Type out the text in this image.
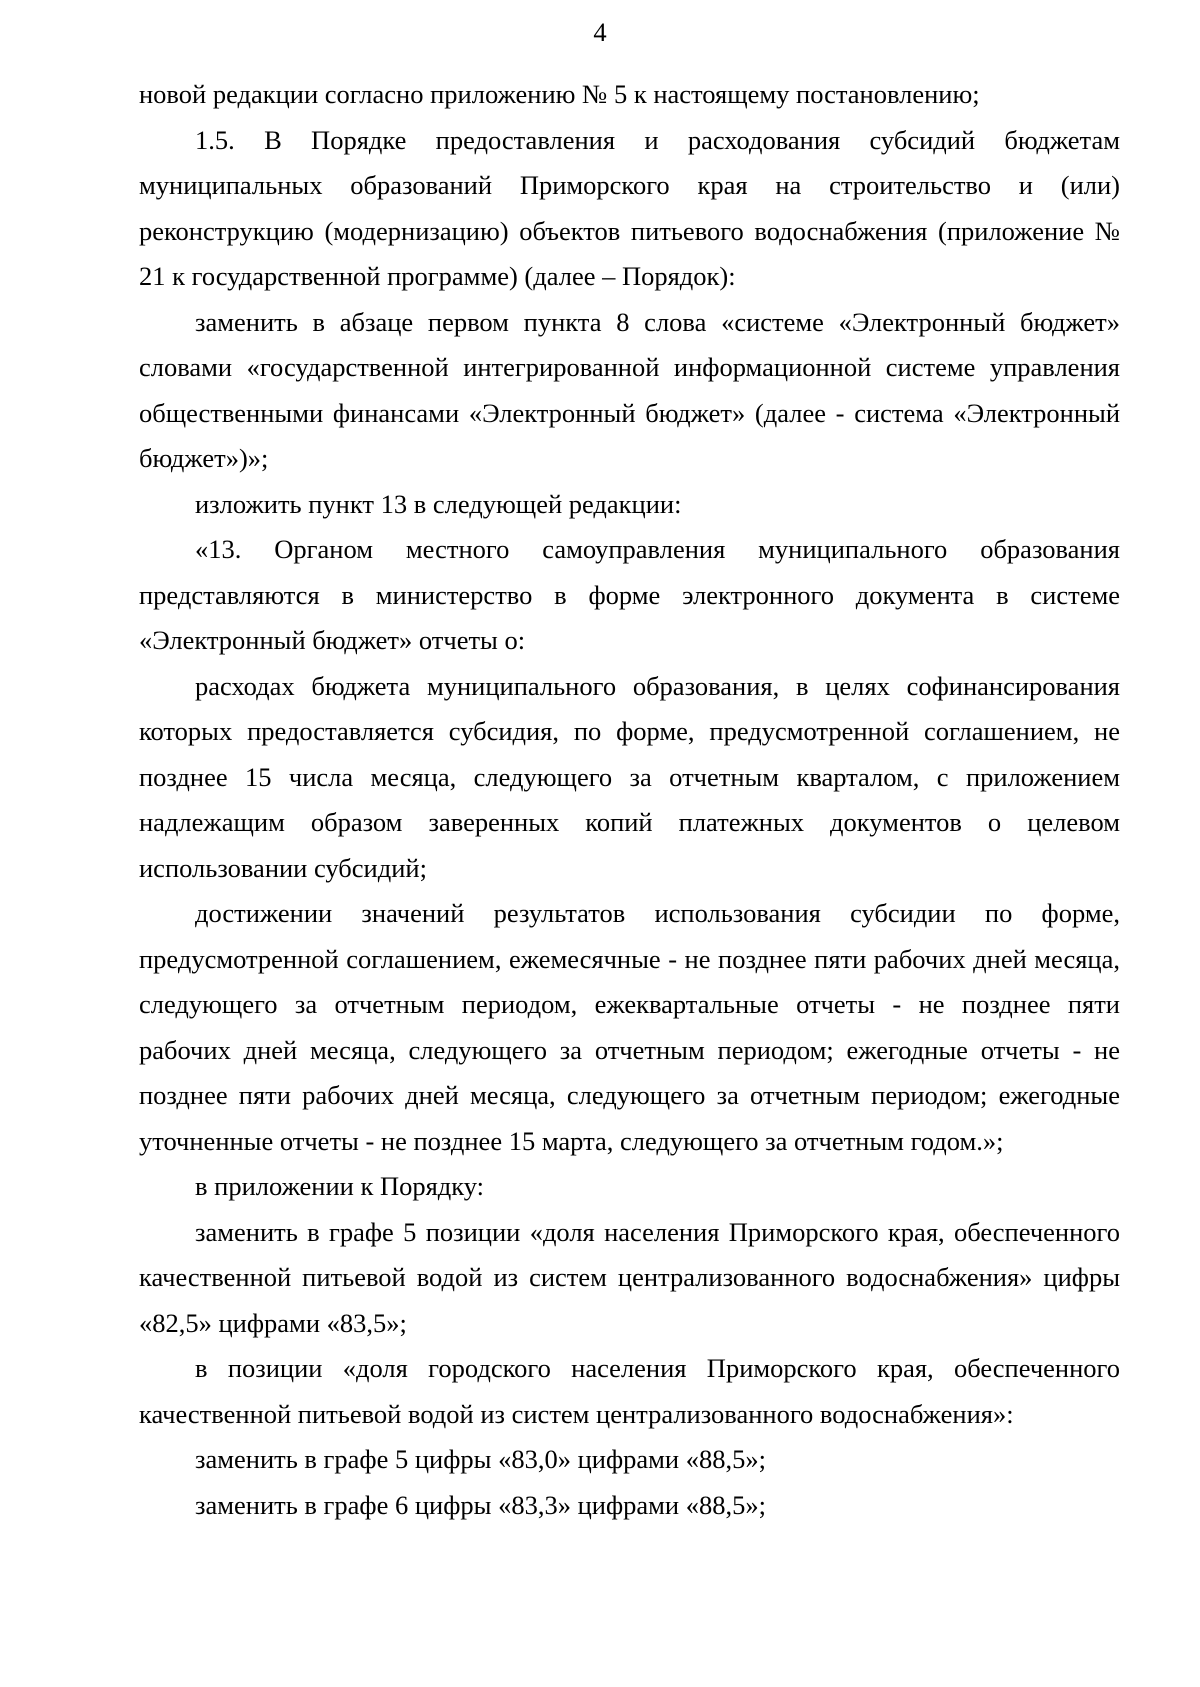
4

новой редакции согласно приложению № 5 к настоящему постановлению;

1.5. В Порядке предоставления и расходования субсидий бюджетам муниципальных образований Приморского края на строительство и (или) реконструкцию (модернизацию) объектов питьевого водоснабжения (приложение № 21 к государственной программе) (далее – Порядок):

заменить в абзаце первом пункта 8 слова «системе «Электронный бюджет» словами «государственной интегрированной информационной системе управления общественными финансами «Электронный бюджет» (далее - система «Электронный бюджет»)»;

изложить пункт 13 в следующей редакции:

«13. Органом местного самоуправления муниципального образования представляются в министерство в форме электронного документа в системе «Электронный бюджет» отчеты о:

расходах бюджета муниципального образования, в целях софинансирования которых предоставляется субсидия, по форме, предусмотренной соглашением, не позднее 15 числа месяца, следующего за отчетным кварталом, с приложением надлежащим образом заверенных копий платежных документов о целевом использовании субсидий;

достижении значений результатов использования субсидии по форме, предусмотренной соглашением, ежемесячные - не позднее пяти рабочих дней месяца, следующего за отчетным периодом, ежеквартальные отчеты - не позднее пяти рабочих дней месяца, следующего за отчетным периодом; ежегодные отчеты - не позднее пяти рабочих дней месяца, следующего за отчетным периодом; ежегодные уточненные отчеты - не позднее 15 марта, следующего за отчетным годом.»;

в приложении к Порядку:

заменить в графе 5 позиции «доля населения Приморского края, обеспеченного качественной питьевой водой из систем централизованного водоснабжения» цифры «82,5» цифрами «83,5»;

в позиции «доля городского населения Приморского края, обеспеченного качественной питьевой водой из систем централизованного водоснабжения»:

заменить в графе 5 цифры «83,0» цифрами «88,5»;

заменить в графе 6 цифры «83,3» цифрами «88,5»;
